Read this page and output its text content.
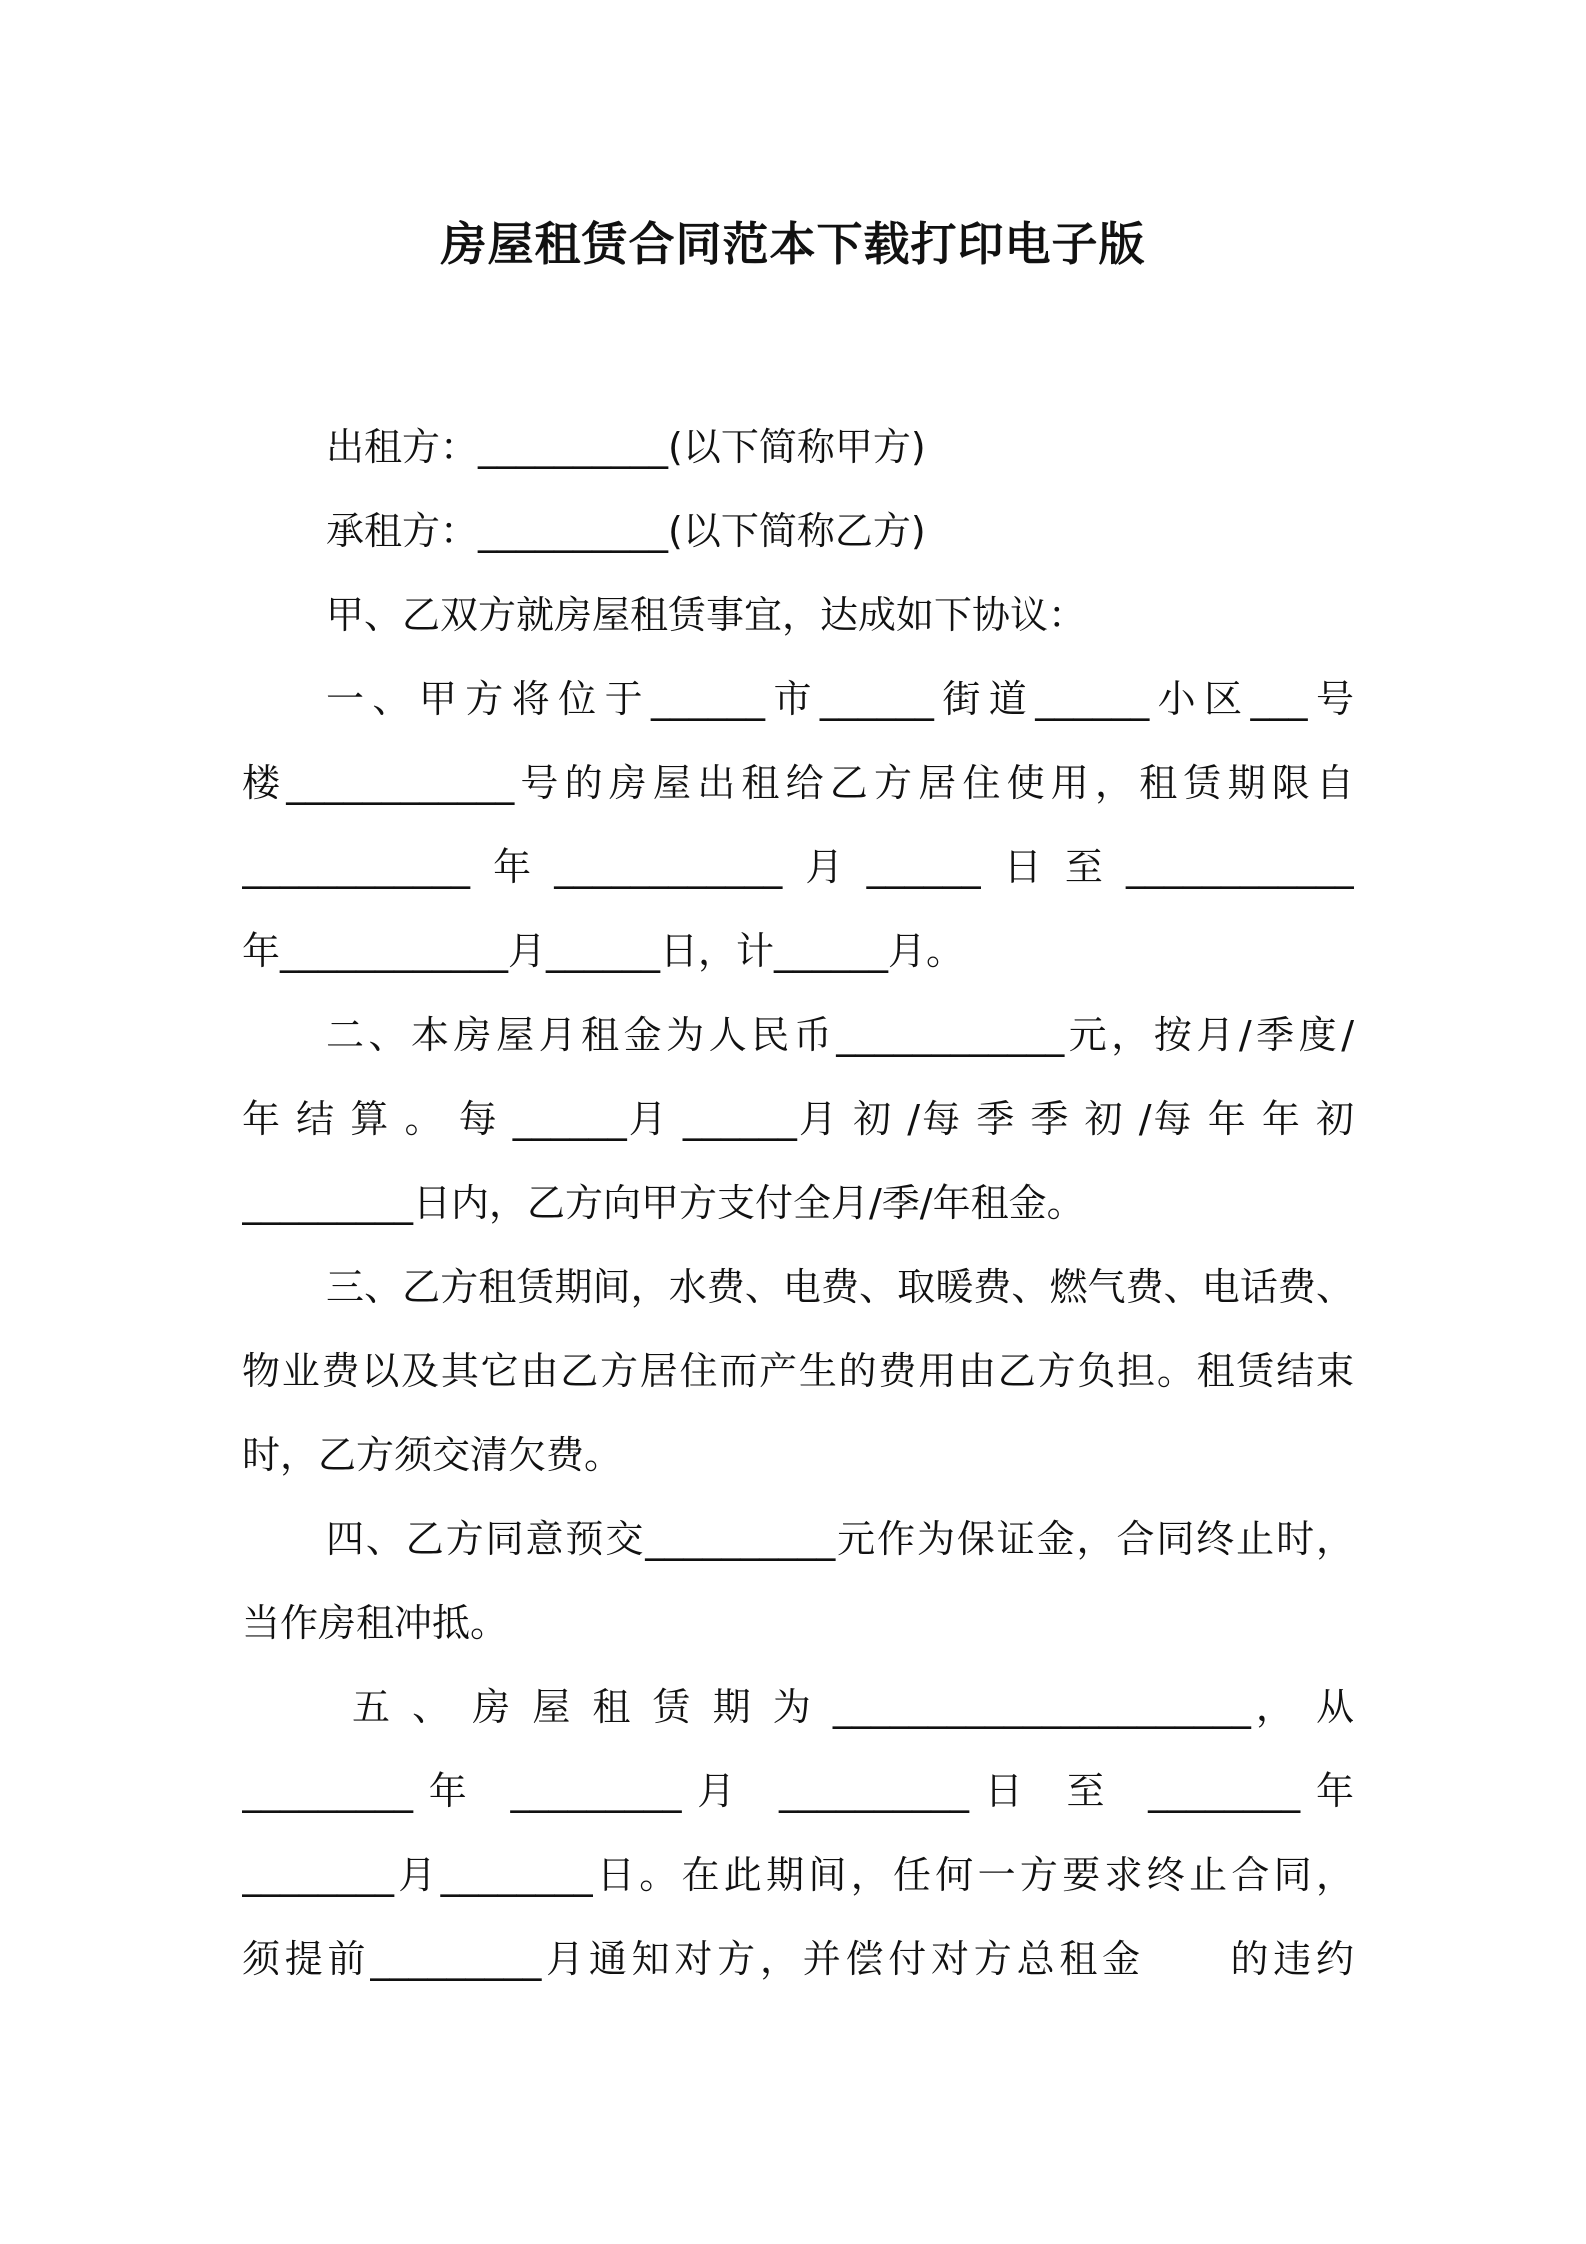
房屋租赁合同范本下载打印电子版
出租方：__________(以下简称甲方)
承租方：__________(以下简称乙方)
甲、乙双方就房屋租赁事宜，达成如下协议：
一、甲方将位于______市______街道______小区___号
楼____________号的房屋出租给乙方居住使用，租赁期限自
____________年____________月______日至____________
年____________月______日，计______月。
二、本房屋月租金为人民币____________元，按月/季度/
年 结 算 。 每 ______月 ______月 初 /每 季 季 初 /每 年 年 初
_________日内，乙方向甲方支付全月/季/年租金。
三、乙方租赁期间，水费、电费、取暖费、燃气费、电话费、
物业费以及其它由乙方居住而产生的费用由乙方负担。租赁结束
时，乙方须交清欠费。
四、乙方同意预交__________元作为保证金，合同终止时，
当作房租冲抵。
五 、 房 屋 租 赁 期 为 ______________________， 从
_________年 _________月 __________日 至 ________年
________月________日。在此期间，任何一方要求终止合同，
须提前_________月通知对方，并偿付对方总租金　　的违约
